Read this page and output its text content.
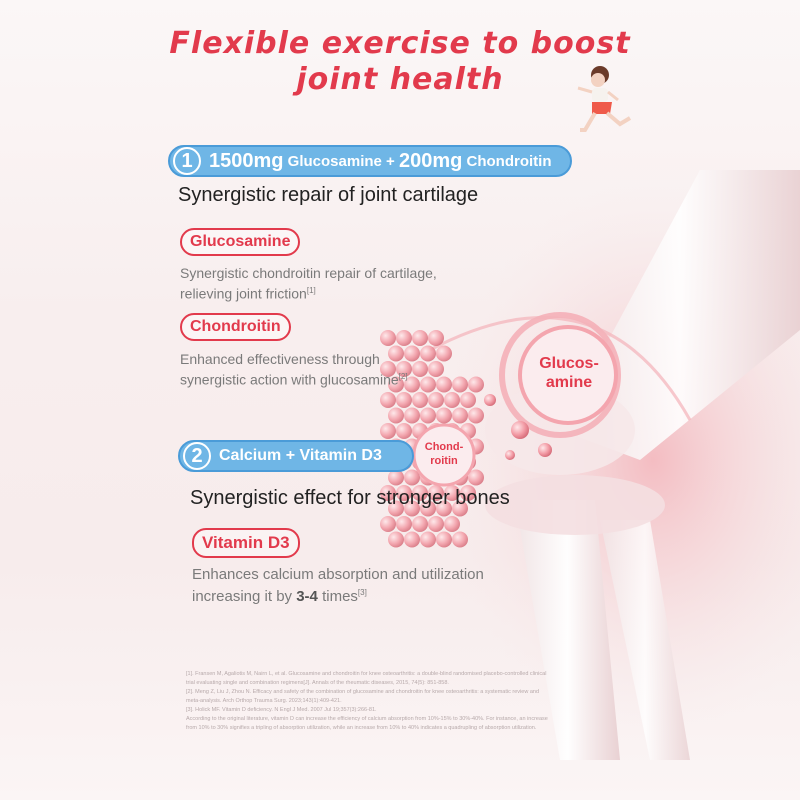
Flexible exercise to boost
joint health
1 1500mg Glucosamine + 200mg Chondroitin
Synergistic repair of joint cartilage
Glucosamine
Synergistic chondroitin repair of cartilage,
relieving joint friction[1]
Chondroitin
Enhanced effectiveness through
synergistic action with glucosamine[2]
2	Calcium + Vitamin D3
Synergistic effect for stronger bones
Vitamin D3
Enhances calcium absorption and utilization
increasing it by 3-4 times[3]
Glucos-
amine
Chond-
roitin
[1]. Fransen M, Agaliotis M, Nairn L, et al. Glucosamine and chondroitin for knee osteoarthritis: a double-blind randomised placebo-controlled clinical
trial evaluating single and combination regimens[J]. Annals of the rheumatic diseases, 2015, 74(5): 851-858.
[2]. Meng Z, Liu J, Zhou N. Efficacy and safety of the combination of glucosamine and chondroitin for knee osteoarthritis: a systematic review and
meta-analysis. Arch Orthop Trauma Surg. 2023;143(1):409-421.
[3]. Holick MF. Vitamin D deficiency. N Engl J Med. 2007 Jul 19;357(3):266-81.
According to the original literature, vitamin D can increase the efficiency of calcium absorption from 10%-15% to 30%-40%. For instance, an increase
from 10% to 30% signifies a tripling of absorption utilization, while an increase from 10% to 40% indicates a quadrupling of absorption utilization.
